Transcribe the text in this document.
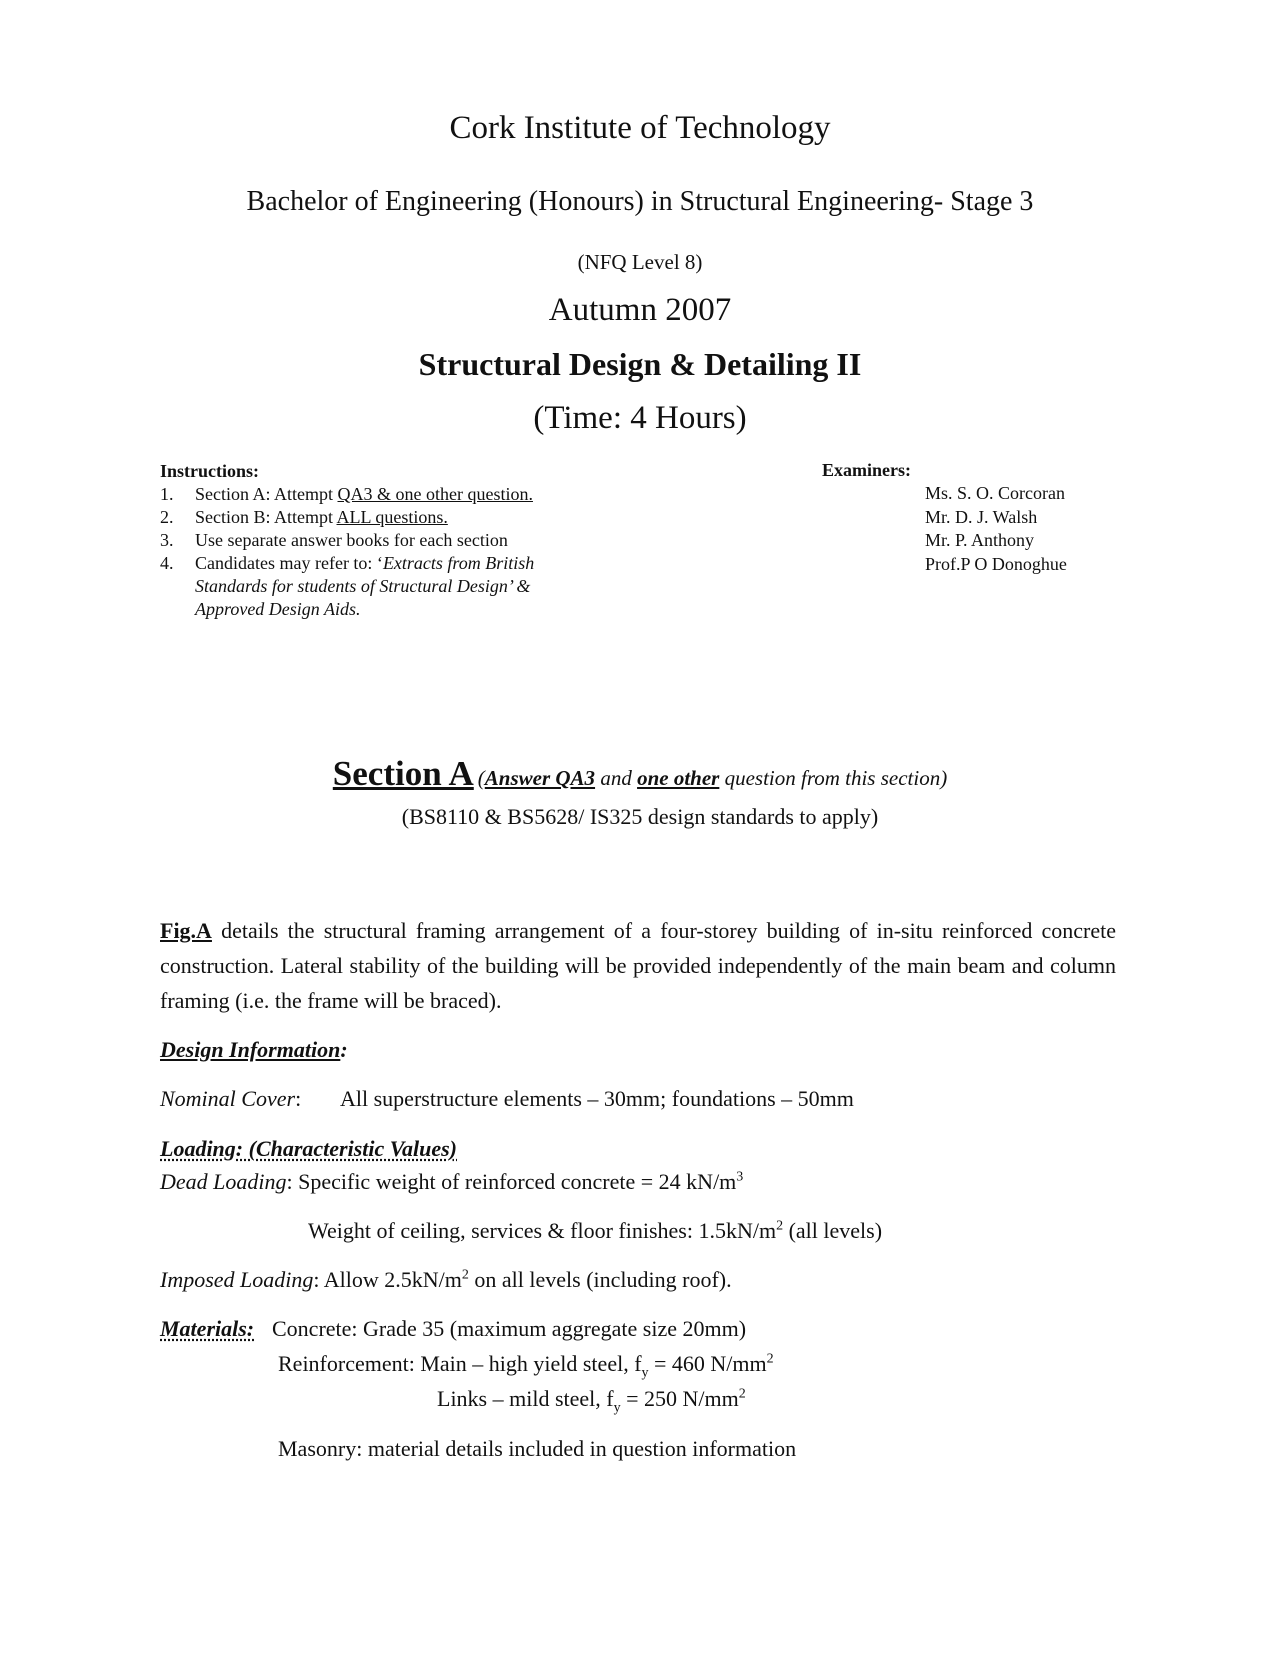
Cork Institute of Technology
Bachelor of Engineering (Honours) in Structural Engineering- Stage 3
(NFQ Level 8)
Autumn 2007
Structural Design & Detailing II
(Time: 4 Hours)
Instructions:
1. Section A: Attempt QA3 & one other question.
2. Section B: Attempt ALL questions.
3. Use separate answer books for each section
4. Candidates may refer to: ‘Extracts from British Standards for students of Structural Design’ & Approved Design Aids.
Examiners:
Ms. S. O. Corcoran
Mr. D. J. Walsh
Mr. P. Anthony
Prof.P O Donoghue
Section A (Answer QA3 and one other question from this section)
(BS8110 & BS5628/ IS325 design standards to apply)
Fig.A details the structural framing arrangement of a four-storey building of in-situ reinforced concrete construction. Lateral stability of the building will be provided independently of the main beam and column framing (i.e. the frame will be braced).
Design Information:
Nominal Cover: All superstructure elements – 30mm; foundations – 50mm
Loading: (Characteristic Values)
Dead Loading: Specific weight of reinforced concrete = 24 $kN/m^3$
Weight of ceiling, services & floor finishes: $1.5kN/m^2$ (all levels)
Imposed Loading: Allow $2.5kN/m^2$ on all levels (including roof).
Materials: Concrete: Grade 35 (maximum aggregate size 20mm)
Reinforcement: Main – high yield steel, $f_y = 460$ $N/mm^2$
Links – mild steel, $f_y = 250$ $N/mm^2$
Masonry: material details included in question information
